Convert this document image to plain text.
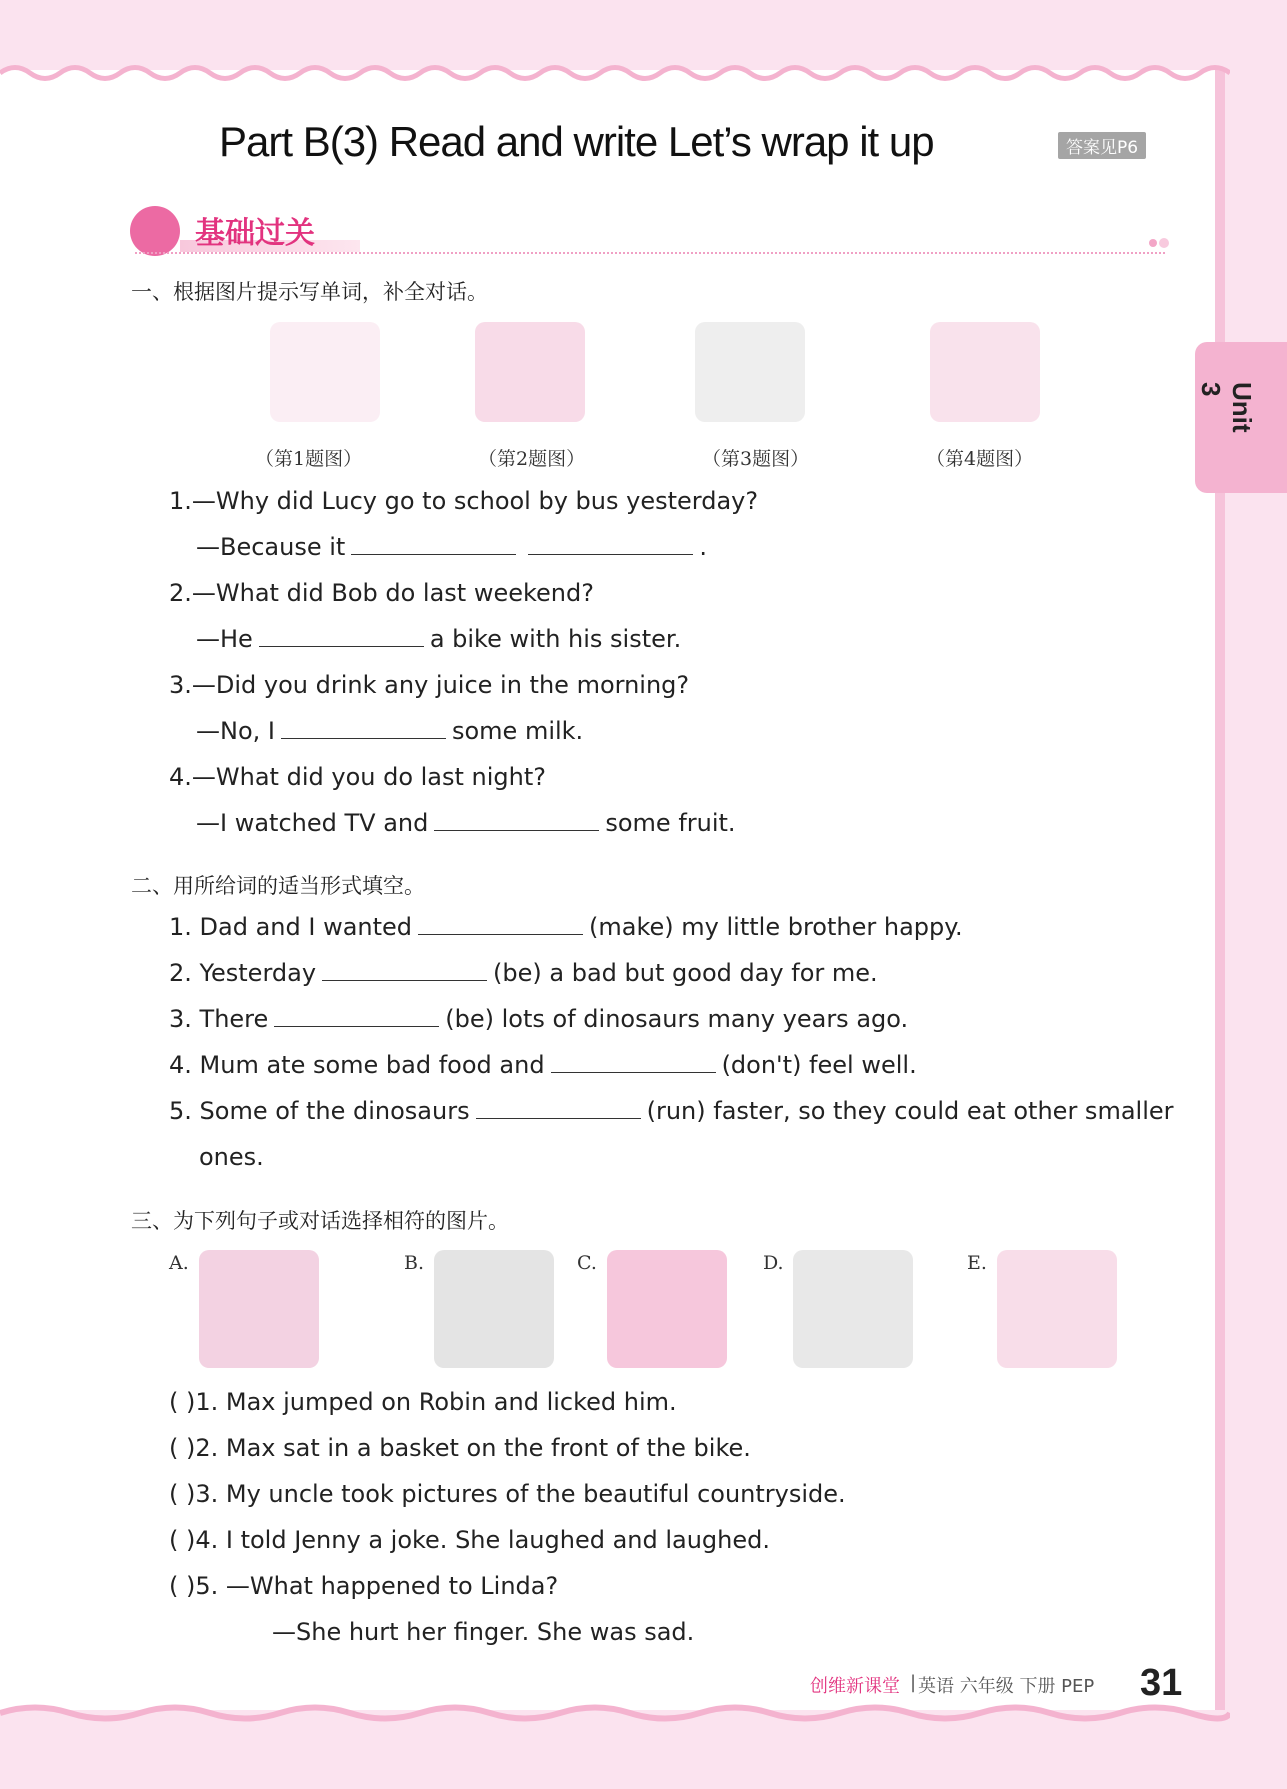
Unit 3
Part B(3) Read and write Let’s wrap it up	答案见P6
基础过关
一、根据图片提示写单词，补全对话。
（第1题图）	（第2题图）	（第3题图）	（第4题图）
1.—Why did Lucy go to school by bus yesterday?
—Because it	.
2.—What did Bob do last weekend?
—He	a bike with his sister.
3.—Did you drink any juice in the morning?
—No, I	some milk.
4.—What did you do last night?
—I watched TV and	some fruit.
二、用所给词的适当形式填空。
1. Dad and I wanted	(make) my little brother happy.
2. Yesterday	(be) a bad but good day for me.
3. There	(be) lots of dinosaurs many years ago.
4. Mum ate some bad food and	(don't) feel well.
5. Some of the dinosaurs	(run) faster, so they could eat other smaller
ones.
三、为下列句子或对话选择相符的图片。
A.	B.	C.	D.	E.
( )1. Max jumped on Robin and licked him.
( )2. Max sat in a basket on the front of the bike.
( )3. My uncle took pictures of the beautiful countryside.
( )4. I told Jenny a joke. She laughed and laughed.
( )5. —What happened to Linda?
—She hurt her finger. She was sad.
创维新课堂 | 英语 六年级 下册 PEP 31
